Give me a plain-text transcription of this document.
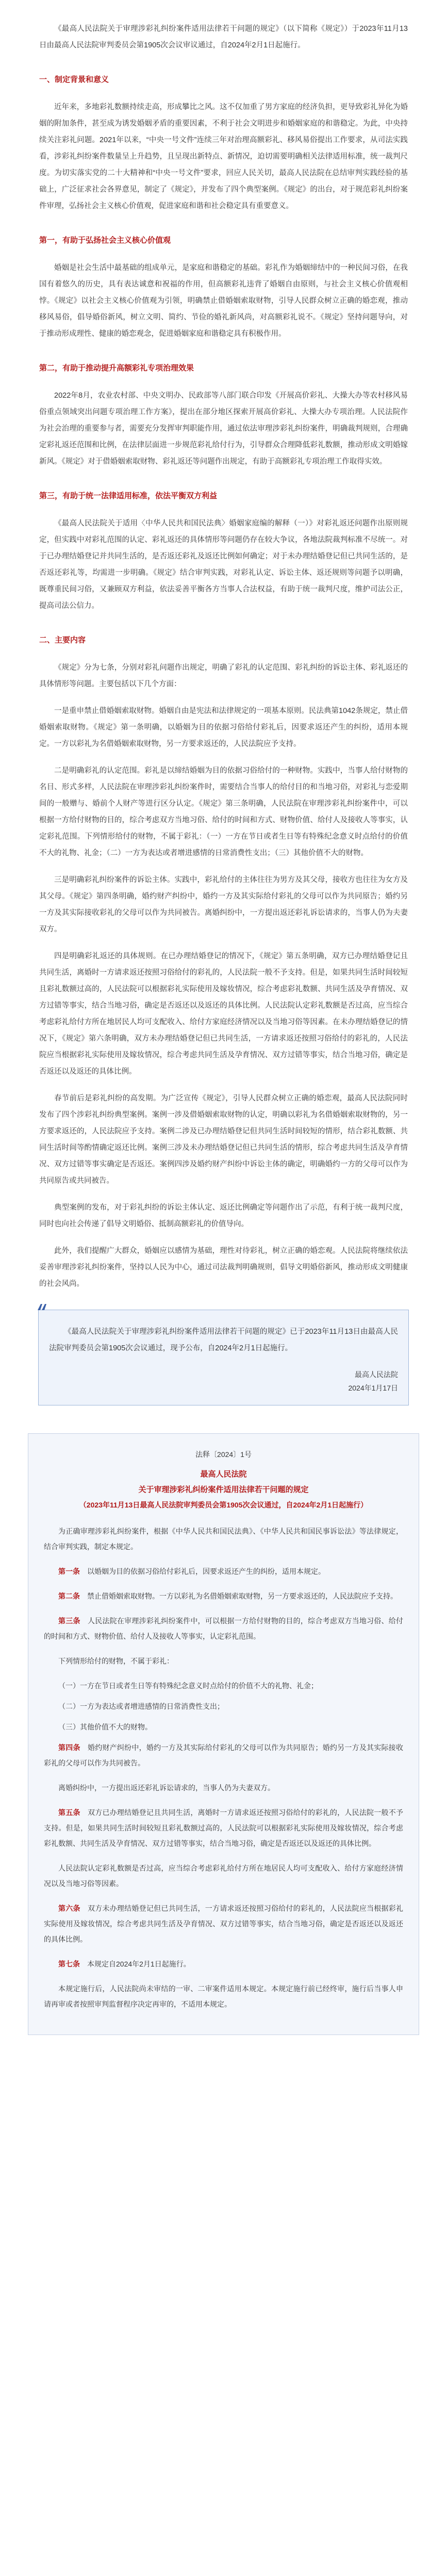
《最高人民法院关于审理涉彩礼纠纷案件适用法律若干问题的规定》（以下简称《规定》）于2023年11月13日由最高人民法院审判委员会第1905次会议审议通过，自2024年2月1日起施行。

一、制定背景和意义

近年来，多地彩礼数额持续走高，形成攀比之风。这不仅加重了男方家庭的经济负担，更导致彩礼异化为婚姻的附加条件，甚至成为诱发婚姻矛盾的重要因素，不利于社会文明进步和婚姻家庭的和谐稳定。为此，中央持续关注彩礼问题。2021年以来，“中央一号文件”连续三年对治理高额彩礼、移风易俗提出工作要求，从司法实践看，涉彩礼纠纷案件数量呈上升趋势，且呈现出新特点、新情况，迫切需要明确相关法律适用标准，统一裁判尺度。为切实落实党的二十大精神和“中央一号文件”要求，回应人民关切，最高人民法院在总结审判实践经验的基础上，广泛征求社会各界意见，制定了《规定》，并发布了四个典型案例。《规定》的出台，对于规范彩礼纠纷案件审理，弘扬社会主义核心价值观，促进家庭和谐和社会稳定具有重要意义。

第一，有助于弘扬社会主义核心价值观

婚姻是社会生活中最基础的组成单元，是家庭和谐稳定的基础。彩礼作为婚姻缔结中的一种民间习俗，在我国有着悠久的历史，具有表达诚意和祝福的作用，但高额彩礼违背了婚姻自由原则，与社会主义核心价值观相悖。《规定》以社会主义核心价值观为引领，明确禁止借婚姻索取财物，引导人民群众树立正确的婚恋观，推动移风易俗，倡导婚俗新风，树立文明、简约、节俭的婚礼新风尚，对高额彩礼说不。《规定》坚持问题导向，对于推动形成理性、健康的婚恋观念，促进婚姻家庭和谐稳定具有积极作用。

第二，有助于推动提升高额彩礼专项治理效果

2022年8月，农业农村部、中央文明办、民政部等八部门联合印发《开展高价彩礼、大操大办等农村移风易俗重点领域突出问题专项治理工作方案》，提出在部分地区探索开展高价彩礼、大操大办专项治理。人民法院作为社会治理的重要参与者，需要充分发挥审判职能作用，通过依法审理涉彩礼纠纷案件，明确裁判规则，合理确定彩礼返还范围和比例，在法律层面进一步规范彩礼给付行为，引导群众合理降低彩礼数额，推动形成文明婚嫁新风。《规定》对于借婚姻索取财物、彩礼返还等问题作出规定，有助于高额彩礼专项治理工作取得实效。

第三，有助于统一法律适用标准，依法平衡双方利益

《最高人民法院关于适用〈中华人民共和国民法典〉婚姻家庭编的解释（一）》对彩礼返还问题作出原则规定，但实践中对彩礼范围的认定、彩礼返还的具体情形等问题仍存在较大争议，各地法院裁判标准不尽统一。对于已办理结婚登记并共同生活的，是否返还彩礼及返还比例如何确定；对于未办理结婚登记但已共同生活的，是否返还彩礼等，均需进一步明确。《规定》结合审判实践，对彩礼认定、诉讼主体、返还规则等问题予以明确，既尊重民间习俗，又兼顾双方利益，依法妥善平衡各方当事人合法权益，有助于统一裁判尺度，维护司法公正，提高司法公信力。

二、主要内容

《规定》分为七条，分别对彩礼问题作出规定，明确了彩礼的认定范围、彩礼纠纷的诉讼主体、彩礼返还的具体情形等问题。主要包括以下几个方面：

一是重申禁止借婚姻索取财物。婚姻自由是宪法和法律规定的一项基本原则。民法典第1042条规定，禁止借婚姻索取财物。《规定》第一条明确，以婚姻为目的依据习俗给付彩礼后，因要求返还产生的纠纷，适用本规定。一方以彩礼为名借婚姻索取财物，另一方要求返还的，人民法院应予支持。

二是明确彩礼的认定范围。彩礼是以缔结婚姻为目的依据习俗给付的一种财物。实践中，当事人给付财物的名目、形式多样，人民法院在审理涉彩礼纠纷案件时，需要结合当事人的给付目的和当地习俗，对彩礼与恋爱期间的一般赠与、婚前个人财产等进行区分认定。《规定》第三条明确，人民法院在审理涉彩礼纠纷案件中，可以根据一方给付财物的目的，综合考虑双方当地习俗、给付的时间和方式、财物价值、给付人及接收人等事实，认定彩礼范围。下列情形给付的财物，不属于彩礼：（一）一方在节日或者生日等有特殊纪念意义时点给付的价值不大的礼物、礼金；（二）一方为表达或者增进感情的日常消费性支出；（三）其他价值不大的财物。

三是明确彩礼纠纷案件的诉讼主体。实践中，彩礼给付的主体往往为男方及其父母，接收方也往往为女方及其父母。《规定》第四条明确，婚约财产纠纷中，婚约一方及其实际给付彩礼的父母可以作为共同原告；婚约另一方及其实际接收彩礼的父母可以作为共同被告。离婚纠纷中，一方提出返还彩礼诉讼请求的，当事人仍为夫妻双方。

四是明确彩礼返还的具体规则。在已办理结婚登记的情况下，《规定》第五条明确，双方已办理结婚登记且共同生活，离婚时一方请求返还按照习俗给付的彩礼的，人民法院一般不予支持。但是，如果共同生活时间较短且彩礼数额过高的，人民法院可以根据彩礼实际使用及嫁妆情况，综合考虑彩礼数额、共同生活及孕育情况、双方过错等事实，结合当地习俗，确定是否返还以及返还的具体比例。人民法院认定彩礼数额是否过高，应当综合考虑彩礼给付方所在地居民人均可支配收入、给付方家庭经济情况以及当地习俗等因素。在未办理结婚登记的情况下，《规定》第六条明确，双方未办理结婚登记但已共同生活，一方请求返还按照习俗给付的彩礼的，人民法院应当根据彩礼实际使用及嫁妆情况，综合考虑共同生活及孕育情况、双方过错等事实，结合当地习俗，确定是否返还以及返还的具体比例。

春节前后是彩礼纠纷的高发期。为广泛宣传《规定》，引导人民群众树立正确的婚恋观，最高人民法院同时发布了四个涉彩礼纠纷典型案例。案例一涉及借婚姻索取财物的认定，明确以彩礼为名借婚姻索取财物的，另一方要求返还的，人民法院应予支持。案例二涉及已办理结婚登记但共同生活时间较短的情形，结合彩礼数额、共同生活时间等酌情确定返还比例。案例三涉及未办理结婚登记但已共同生活的情形，综合考虑共同生活及孕育情况、双方过错等事实确定是否返还。案例四涉及婚约财产纠纷中诉讼主体的确定，明确婚约一方的父母可以作为共同原告或共同被告。

典型案例的发布，对于彩礼纠纷的诉讼主体认定、返还比例确定等问题作出了示范，有利于统一裁判尺度，同时也向社会传递了倡导文明婚俗、抵制高额彩礼的价值导向。

此外，我们提醒广大群众，婚姻应以感情为基础，理性对待彩礼，树立正确的婚恋观。人民法院将继续依法妥善审理涉彩礼纠纷案件，坚持以人民为中心，通过司法裁判明确规则，倡导文明婚俗新风，推动形成文明健康的社会风尚。

《最高人民法院关于审理涉彩礼纠纷案件适用法律若干问题的规定》已于2023年11月13日由最高人民法院审判委员会第1905次会议通过，现予公布，自2024年2月1日起施行。

最高人民法院

2024年1月17日

法释〔2024〕1号

最高人民法院

关于审理涉彩礼纠纷案件适用法律若干问题的规定

（2023年11月13日最高人民法院审判委员会第1905次会议通过，自2024年2月1日起施行）

为正确审理涉彩礼纠纷案件，根据《中华人民共和国民法典》、《中华人民共和国民事诉讼法》等法律规定，结合审判实践，制定本规定。

第一条　 以婚姻为目的依据习俗给付彩礼后，因要求返还产生的纠纷，适用本规定。

第二条　 禁止借婚姻索取财物。一方以彩礼为名借婚姻索取财物，另一方要求返还的，人民法院应予支持。

第三条　 人民法院在审理涉彩礼纠纷案件中，可以根据一方给付财物的目的，综合考虑双方当地习俗、给付的时间和方式、财物价值、给付人及接收人等事实，认定彩礼范围。

下列情形给付的财物，不属于彩礼：

（一）一方在节日或者生日等有特殊纪念意义时点给付的价值不大的礼物、礼金；

（二）一方为表达或者增进感情的日常消费性支出；

（三）其他价值不大的财物。

第四条　 婚约财产纠纷中，婚约一方及其实际给付彩礼的父母可以作为共同原告；婚约另一方及其实际接收彩礼的父母可以作为共同被告。

离婚纠纷中，一方提出返还彩礼诉讼请求的，当事人仍为夫妻双方。

第五条　 双方已办理结婚登记且共同生活，离婚时一方请求返还按照习俗给付的彩礼的，人民法院一般不予支持。但是，如果共同生活时间较短且彩礼数额过高的，人民法院可以根据彩礼实际使用及嫁妆情况，综合考虑彩礼数额、共同生活及孕育情况、双方过错等事实，结合当地习俗，确定是否返还以及返还的具体比例。

人民法院认定彩礼数额是否过高，应当综合考虑彩礼给付方所在地居民人均可支配收入、给付方家庭经济情况以及当地习俗等因素。

第六条　 双方未办理结婚登记但已共同生活，一方请求返还按照习俗给付的彩礼的，人民法院应当根据彩礼实际使用及嫁妆情况，综合考虑共同生活及孕育情况、双方过错等事实，结合当地习俗，确定是否返还以及返还的具体比例。

第七条　 本规定自2024年2月1日起施行。

本规定施行后，人民法院尚未审结的一审、二审案件适用本规定。本规定施行前已经终审，施行后当事人申请再审或者按照审判监督程序决定再审的，不适用本规定。
